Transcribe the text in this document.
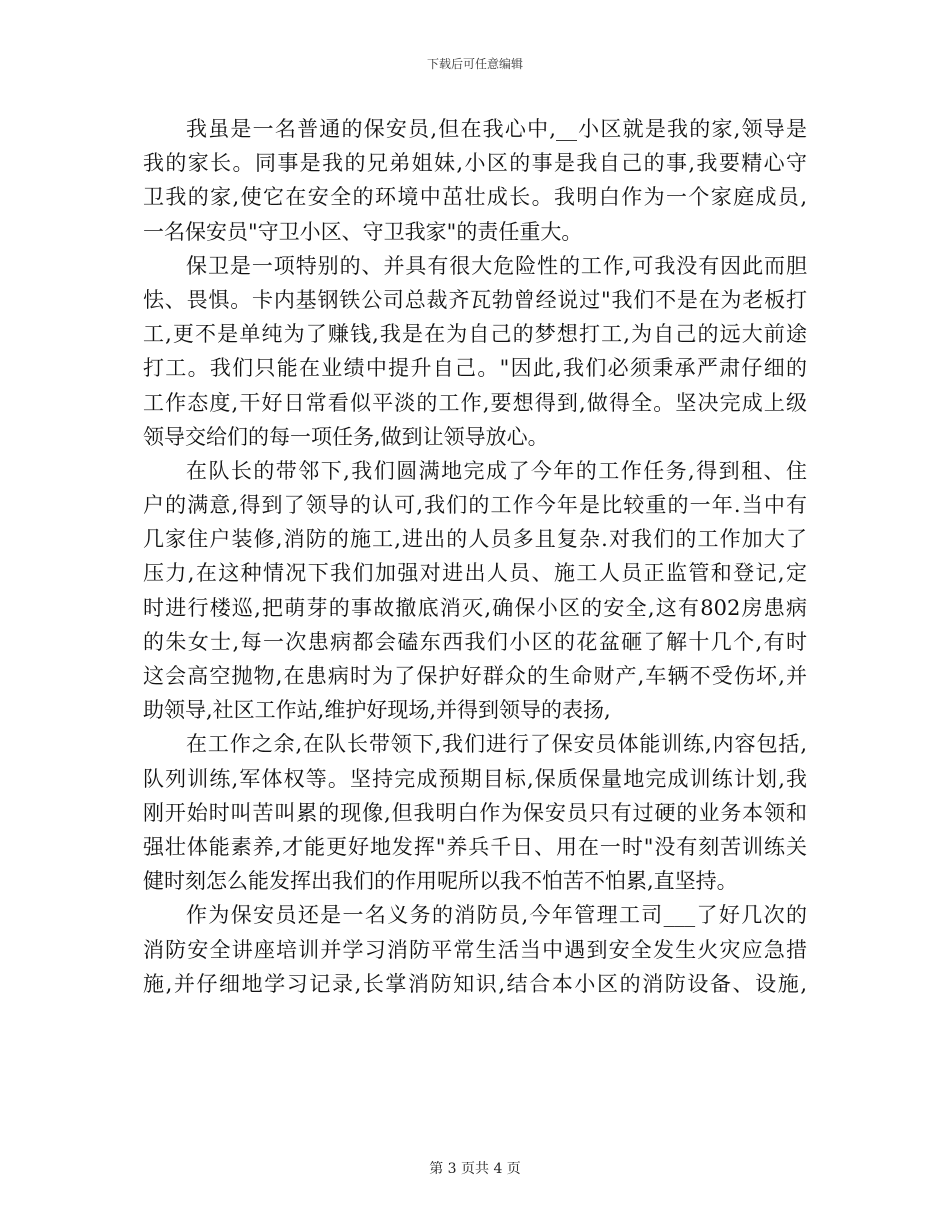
下载后可任意编辑
我虽是一名普通的保安员,但在我心中,__小区就是我的家,领导是
我的家长。同事是我的兄弟姐妹,小区的事是我自己的事,我要精心守
卫我的家,使它在安全的环境中茁壮成长。我明白作为一个家庭成员,
一名保安员"守卫小区、守卫我家"的责任重大。
保卫是一项特别的、并具有很大危险性的工作,可我没有因此而胆
怯、畏惧。卡内基钢铁公司总裁齐瓦勃曾经说过"我们不是在为老板打
工,更不是单纯为了赚钱,我是在为自己的梦想打工,为自己的远大前途
打工。我们只能在业绩中提升自己。"因此,我们必须秉承严肃仔细的
工作态度,干好日常看似平淡的工作,要想得到,做得全。坚决完成上级
领导交给们的每一项任务,做到让领导放心。
在队长的带邻下,我们圆满地完成了今年的工作任务,得到租、住
户的满意,得到了领导的认可,我们的工作今年是比较重的一年.当中有
几家住户装修,消防的施工,进出的人员多且复杂.对我们的工作加大了
压力,在这种情况下我们加强对进出人员、施工人员正监管和登记,定
时进行楼巡,把萌芽的事故撤底消灭,确保小区的安全,这有802房患病
的朱女士,每一次患病都会磕东西我们小区的花盆砸了解十几个,有时
这会高空抛物,在患病时为了保护好群众的生命财产,车辆不受伤坏,并
助领导,社区工作站,维护好现场,并得到领导的表扬,
在工作之余,在队长带领下,我们进行了保安员体能训练,内容包括,
队列训练,军体权等。坚持完成预期目标,保质保量地完成训练计划,我
刚开始时叫苦叫累的现像,但我明白作为保安员只有过硬的业务本领和
强壮体能素养,才能更好地发挥"养兵千日、用在一时"没有刻苦训练关
健时刻怎么能发挥出我们的作用呢所以我不怕苦不怕累,直坚持。
作为保安员还是一名义务的消防员,今年管理工司___了好几次的
消防安全讲座培训并学习消防平常生活当中遇到安全发生火灾应急措
施,并仔细地学习记录,长掌消防知识,结合本小区的消防设备、设施,
第 3 页共 4 页
